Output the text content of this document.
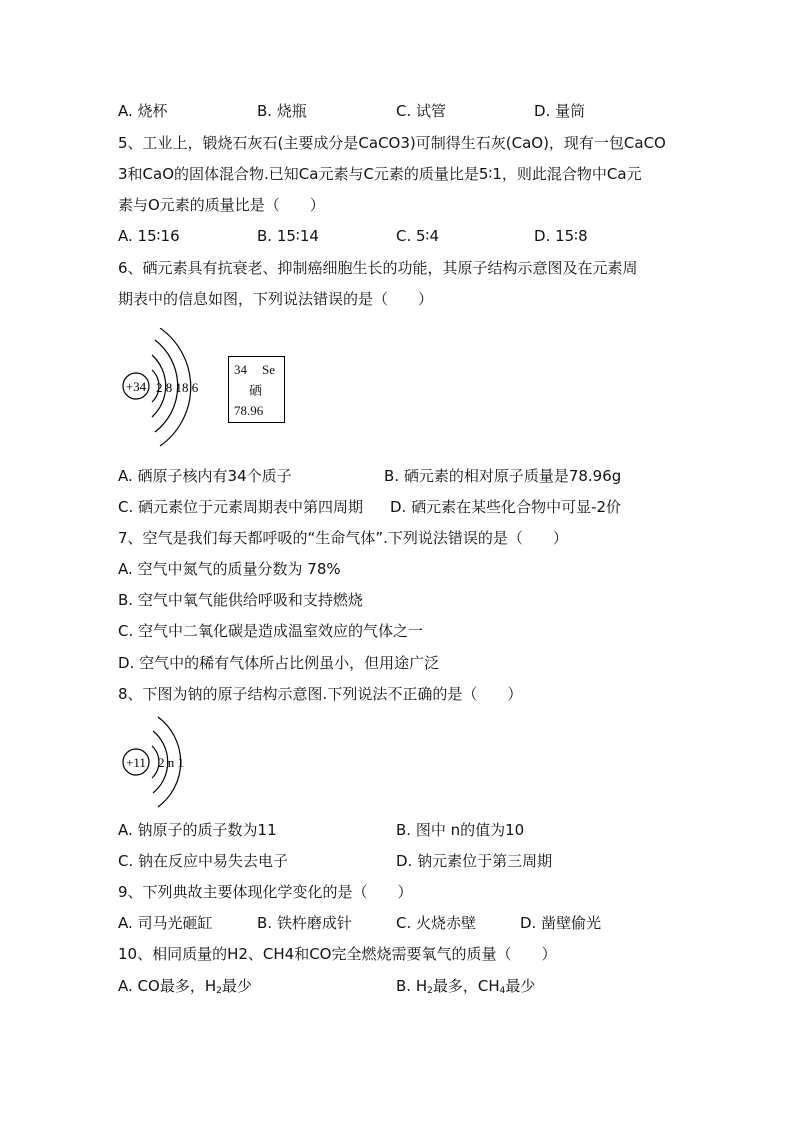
A. 烧杯	B. 烧瓶	C. 试管	D. 量筒
5、工业上，锻烧石灰石(主要成分是CaCO3)可制得生石灰(CaO)，现有一包CaCO
3和CaO的固体混合物.已知Ca元素与C元素的质量比是5∶1，则此混合物中Ca元
素与O元素的质量比是（　　）
A. 15∶16	B. 15∶14	C. 5∶4	D. 15∶8
6、硒元素具有抗衰老、抑制癌细胞生长的功能，其原子结构示意图及在元素周
期表中的信息如图，下列说法错误的是（　　）
+34 2 8 18 6
34 Se
硒
78.96
A. 硒原子核内有34个质子	B. 硒元素的相对原子质量是78.96g
C. 硒元素位于元素周期表中第四周期 D. 硒元素在某些化合物中可显-2价
7、空气是我们每天都呼吸的“生命气体”.下列说法错误的是（　　）
A. 空气中氮气的质量分数为 78%
B. 空气中氧气能供给呼吸和支持燃烧
C. 空气中二氧化碳是造成温室效应的气体之一
D. 空气中的稀有气体所占比例虽小，但用途广泛
8、下图为钠的原子结构示意图.下列说法不正确的是（　　）
+11 2 n 1
A. 钠原子的质子数为11	B. 图中 n的值为10
C. 钠在反应中易失去电子	D. 钠元素位于第三周期
9、下列典故主要体现化学变化的是（　　）
A. 司马光砸缸	B. 铁杵磨成针	C. 火烧赤壁	D. 凿壁偷光
10、相同质量的H2、CH4和CO完全燃烧需要氧气的质量（　　）
A. CO最多，$H_2$最少	B. $H_2$最多，$CH_4$最少
